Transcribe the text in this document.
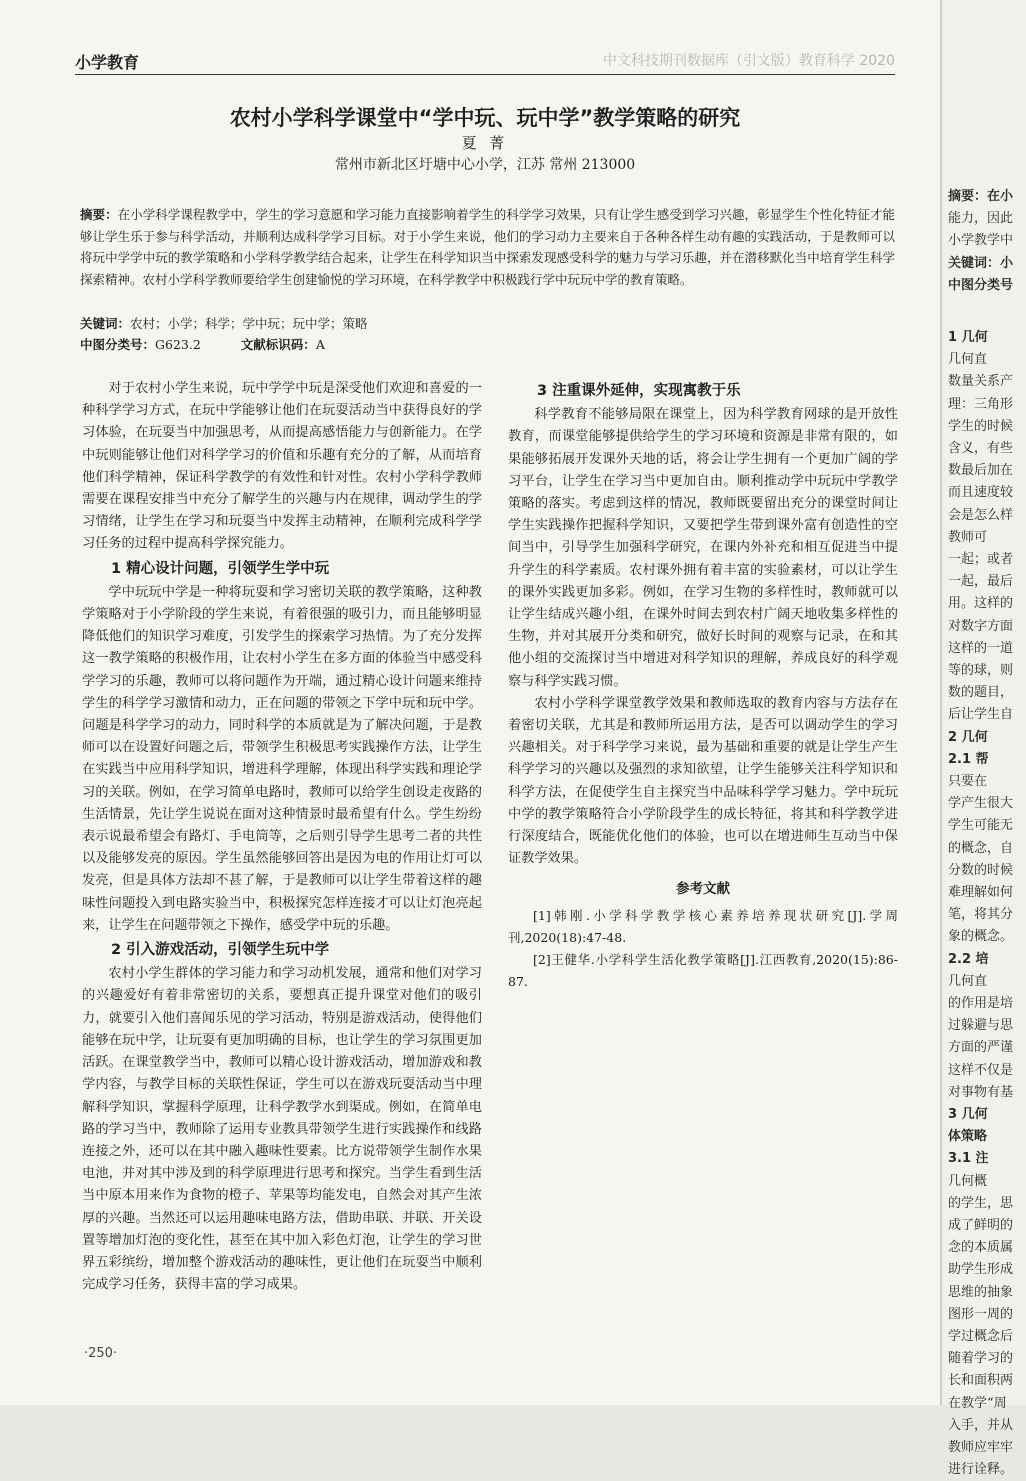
小学教育	中文科技期刊数据库（引文版）教育科学 2020
农村小学科学课堂中“学中玩、玩中学”教学策略的研究
夏 菁
常州市新北区圩塘中心小学，江苏 常州 213000
摘要：在小学科学课程教学中，学生的学习意愿和学习能力直接影响着学生的科学学习效果，只有让学生感受到学习兴趣，彰显学生个性化特征才能够让学生乐于参与科学活动，并顺利达成科学学习目标。对于小学生来说，他们的学习动力主要来自于各种各样生动有趣的实践活动，于是教师可以将玩中学学中玩的教学策略和小学科学教学结合起来，让学生在科学知识当中探索发现感受科学的魅力与学习乐趣，并在潜移默化当中培育学生科学探索精神。农村小学科学教师要给学生创建愉悦的学习环境，在科学教学中积极践行学中玩玩中学的教育策略。
关键词：农村；小学；科学；学中玩；玩中学；策略
中图分类号：G623.2	文献标识码：A

对于农村小学生来说，玩中学学中玩是深受他们欢迎和喜爱的一种科学学习方式，在玩中学能够让他们在玩耍活动当中获得良好的学习体验，在玩耍当中加强思考，从而提高感悟能力与创新能力。在学中玩则能够让他们对科学学习的价值和乐趣有充分的了解，从而培育他们科学精神，保证科学教学的有效性和针对性。农村小学科学教师需要在课程安排当中充分了解学生的兴趣与内在规律，调动学生的学习情绪，让学生在学习和玩耍当中发挥主动精神，在顺利完成科学学习任务的过程中提高科学探究能力。

1 精心设计问题，引领学生学中玩

学中玩玩中学是一种将玩耍和学习密切关联的教学策略，这种教学策略对于小学阶段的学生来说，有着很强的吸引力，而且能够明显降低他们的知识学习难度，引发学生的探索学习热情。为了充分发挥这一教学策略的积极作用，让农村小学生在多方面的体验当中感受科学学习的乐趣，教师可以将问题作为开端，通过精心设计问题来维持学生的科学学习激情和动力，正在问题的带领之下学中玩和玩中学。问题是科学学习的动力，同时科学的本质就是为了解决问题，于是教师可以在设置好问题之后，带领学生积极思考实践操作方法，让学生在实践当中应用科学知识，增进科学理解，体现出科学实践和理论学习的关联。例如，在学习简单电路时，教师可以给学生创设走夜路的生活情景，先让学生说说在面对这种情景时最希望有什么。学生纷纷表示说最希望会有路灯、手电筒等，之后则引导学生思考二者的共性以及能够发亮的原因。学生虽然能够回答出是因为电的作用让灯可以发亮，但是具体方法却不甚了解，于是教师可以让学生带着这样的趣味性问题投入到电路实验当中，积极探究怎样连接才可以让灯泡亮起来，让学生在问题带领之下操作，感受学中玩的乐趣。

2 引入游戏活动，引领学生玩中学

农村小学生群体的学习能力和学习动机发展，通常和他们对学习的兴趣爱好有着非常密切的关系，要想真正提升课堂对他们的吸引力，就要引入他们喜闻乐见的学习活动，特别是游戏活动，使得他们能够在玩中学，让玩耍有更加明确的目标，也让学生的学习氛围更加活跃。在课堂教学当中，教师可以精心设计游戏活动，增加游戏和教学内容，与教学目标的关联性保证，学生可以在游戏玩耍活动当中理解科学知识，掌握科学原理，让科学教学水到渠成。例如，在简单电路的学习当中，教师除了运用专业教具带领学生进行实践操作和线路连接之外，还可以在其中融入趣味性要素。比方说带领学生制作水果电池，并对其中涉及到的科学原理进行思考和探究。当学生看到生活当中原本用来作为食物的橙子、苹果等均能发电，自然会对其产生浓厚的兴趣。当然还可以运用趣味电路方法，借助串联、并联、开关设置等增加灯泡的变化性，甚至在其中加入彩色灯泡，让学生的学习世界五彩缤纷，增加整个游戏活动的趣味性，更让他们在玩耍当中顺利完成学习任务，获得丰富的学习成果。

3 注重课外延伸，实现寓教于乐

科学教育不能够局限在课堂上，因为科学教育网球的是开放性教育，而课堂能够提供给学生的学习环境和资源是非常有限的，如果能够拓展开发课外天地的话，将会让学生拥有一个更加广阔的学习平台，让学生在学习当中更加自由。顺利推动学中玩玩中学教学策略的落实。考虑到这样的情况，教师既要留出充分的课堂时间让学生实践操作把握科学知识，又要把学生带到课外富有创造性的空间当中，引导学生加强科学研究，在课内外补充和相互促进当中提升学生的科学素质。农村课外拥有着丰富的实验素材，可以让学生的课外实践更加多彩。例如，在学习生物的多样性时，教师就可以让学生结成兴趣小组，在课外时间去到农村广阔天地收集多样性的生物，并对其展开分类和研究，做好长时间的观察与记录，在和其他小组的交流探讨当中增进对科学知识的理解，养成良好的科学观察与科学实践习惯。

农村小学科学课堂教学效果和教师选取的教育内容与方法存在着密切关联，尤其是和教师所运用方法，是否可以调动学生的学习兴趣相关。对于科学学习来说，最为基础和重要的就是让学生产生科学学习的兴趣以及强烈的求知欲望，让学生能够关注科学知识和科学方法，在促使学生自主探究当中品味科学学习魅力。学中玩玩中学的教学策略符合小学阶段学生的成长特征，将其和科学教学进行深度结合，既能优化他们的体验，也可以在增进师生互动当中保证教学效果。

参考文献

[1]韩刚.小学科学教学核心素养培养现状研究[J].学周刊,2020(18):47-48.

[2]王健华.小学科学生活化教学策略[J].江西教育,2020(15):86-87.

·250·
摘要：在小
能力，因此
小学教学中
关键词：小
中图分类号
1 几何
几何直
数量关系产
理：三角形
学生的时候
含义，有些
数最后加在
而且速度较
会是怎么样
教师可
一起；或者
一起，最后
用。这样的
对数字方面
这样的一道
等的球，则
数的题目，
后让学生自
2 几何
2.1 帮
只要在
学产生很大
学生可能无
的概念，自
分数的时候
难理解如何
笔，将其分
象的概念。
2.2 培
几何直
的作用是培
过躲避与思
方面的严谨
这样不仅是
对事物有基
3 几何
体策略
3.1 注
几何概
的学生，思
成了鲜明的
念的本质属
助学生形成
思维的抽象
图形一周的
学过概念后
随着学习的
长和面积两
在教学“周
入手，并从
教师应牢牢
进行诠释。
